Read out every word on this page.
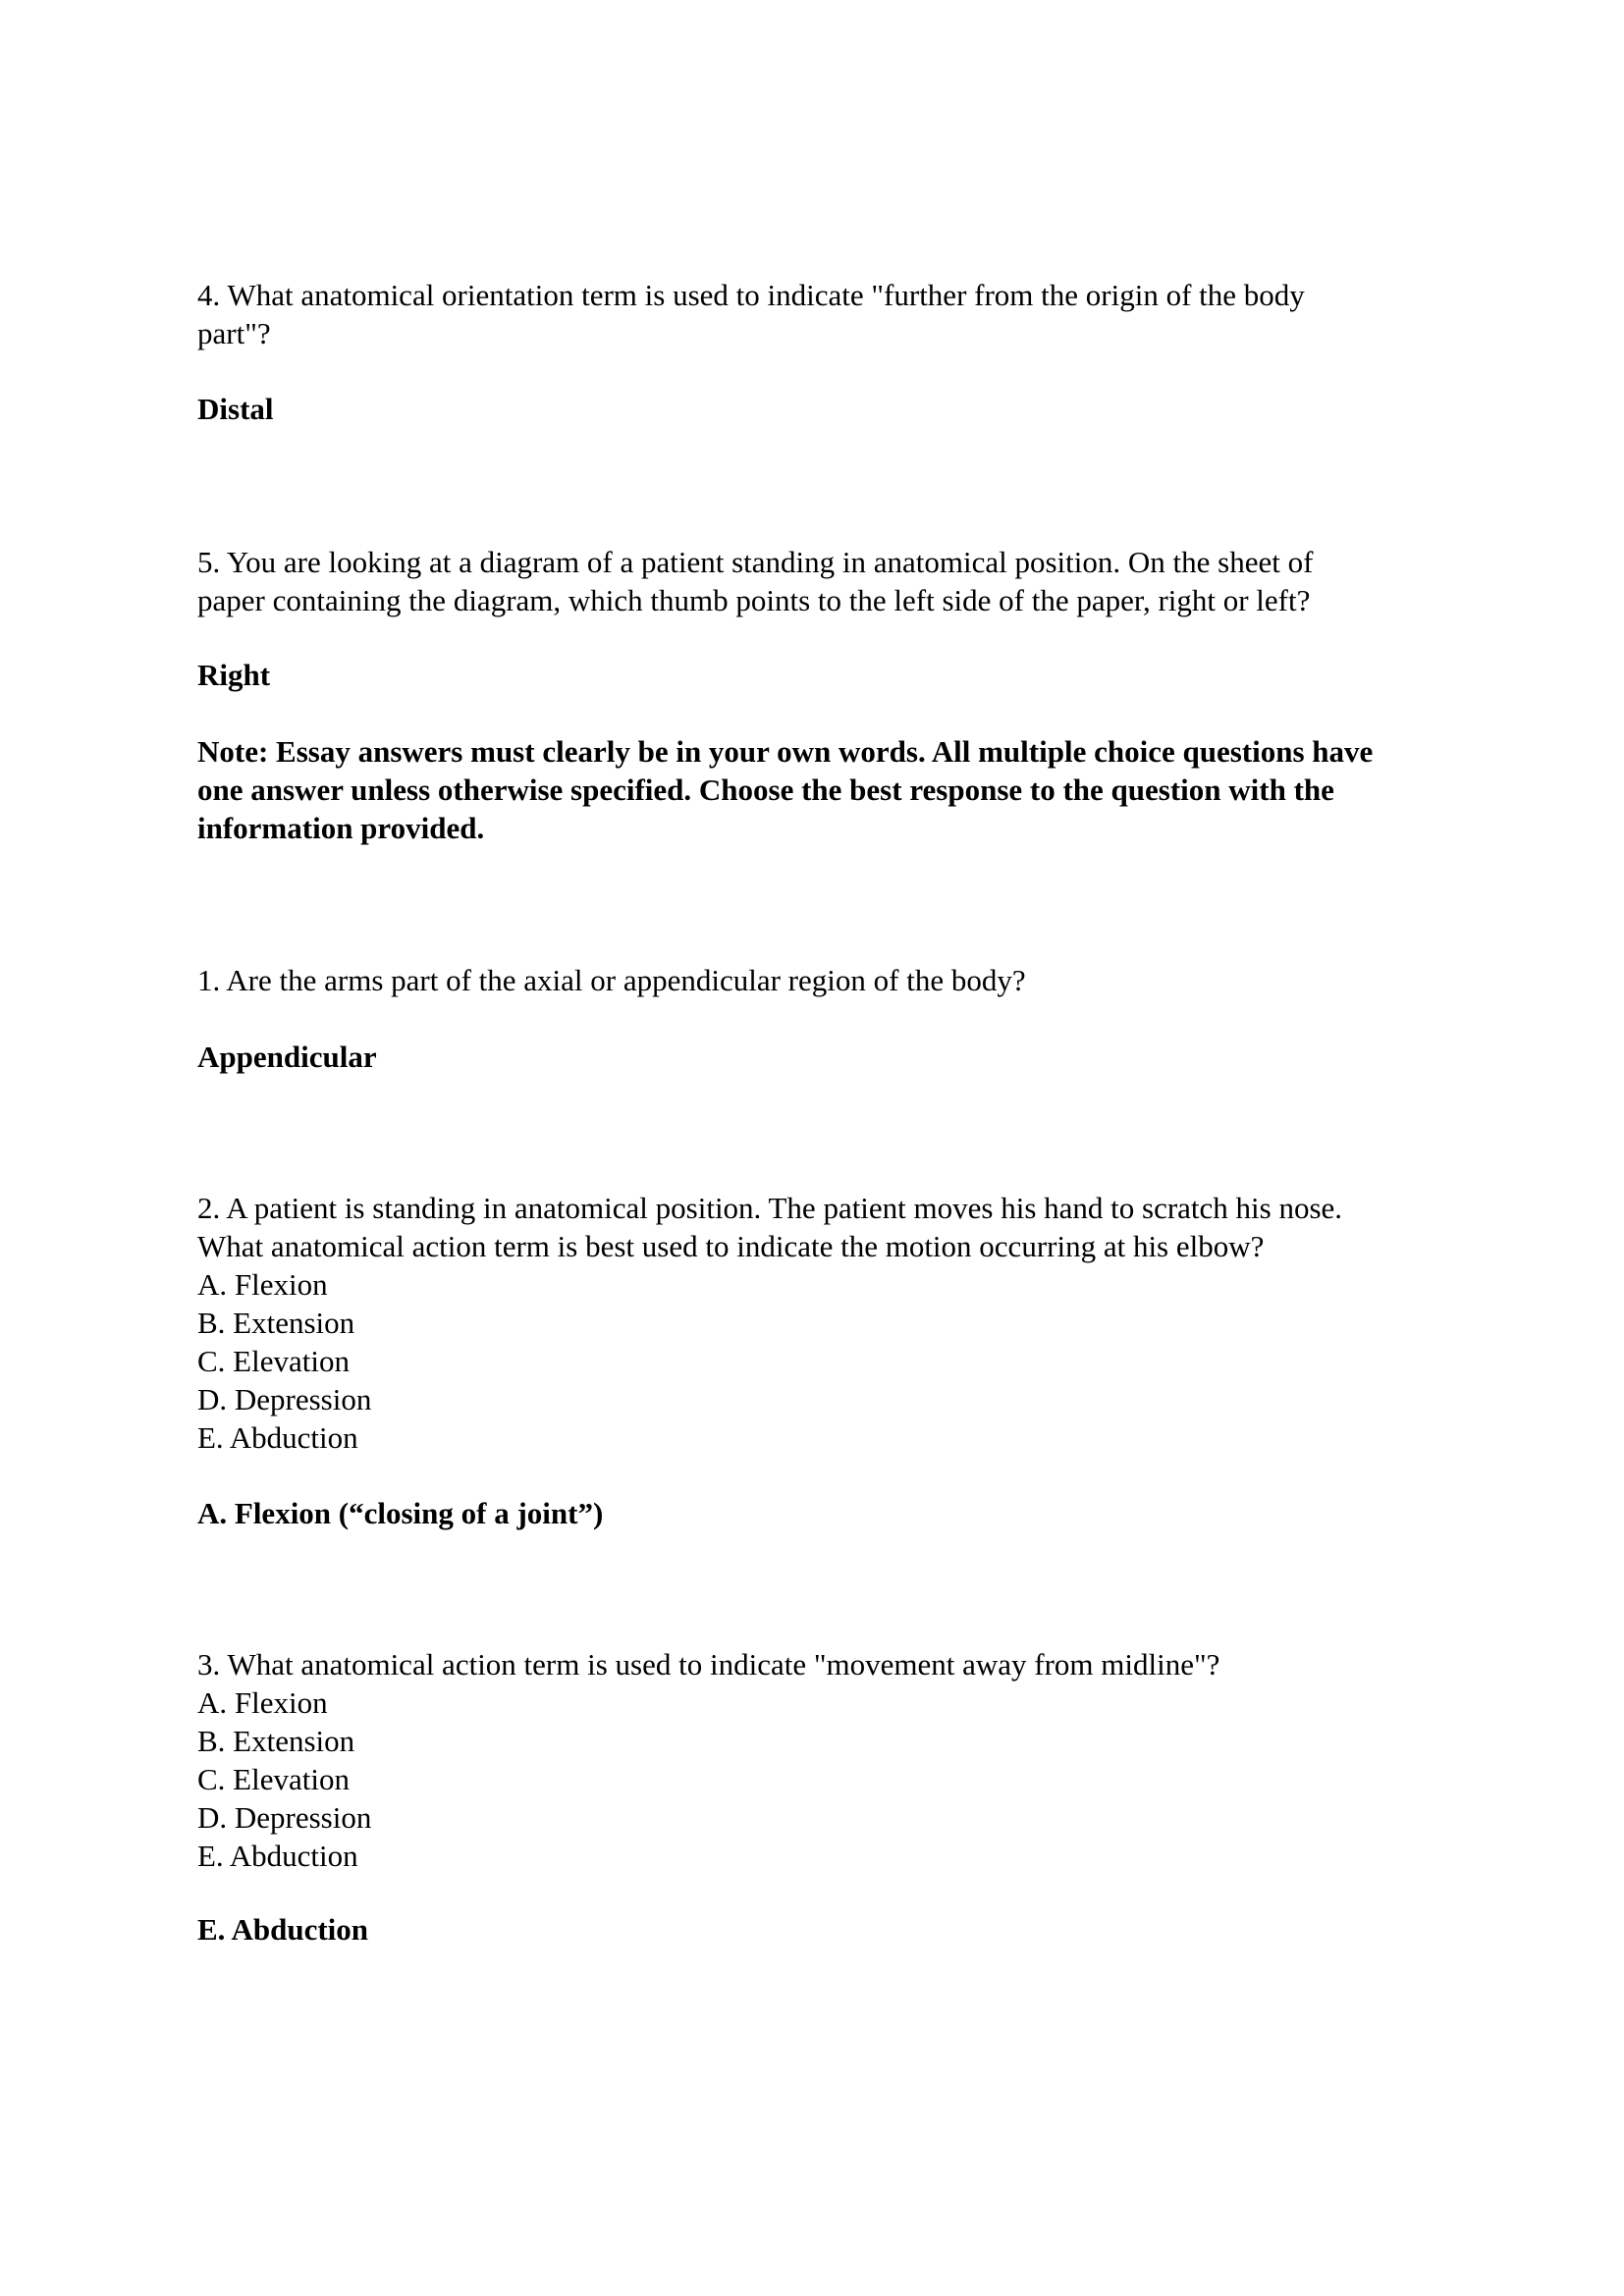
4. What anatomical orientation term is used to indicate "further from the origin of the body
part"?
Distal
5. You are looking at a diagram of a patient standing in anatomical position. On the sheet of
paper containing the diagram, which thumb points to the left side of the paper, right or left?
Right
Note: Essay answers must clearly be in your own words. All multiple choice questions have
one answer unless otherwise specified. Choose the best response to the question with the
information provided.
1. Are the arms part of the axial or appendicular region of the body?
Appendicular
2. A patient is standing in anatomical position. The patient moves his hand to scratch his nose.
What anatomical action term is best used to indicate the motion occurring at his elbow?
A. Flexion
B. Extension
C. Elevation
D. Depression
E. Abduction
A. Flexion (“closing of a joint”)
3. What anatomical action term is used to indicate "movement away from midline"?
A. Flexion
B. Extension
C. Elevation
D. Depression
E. Abduction
E. Abduction
